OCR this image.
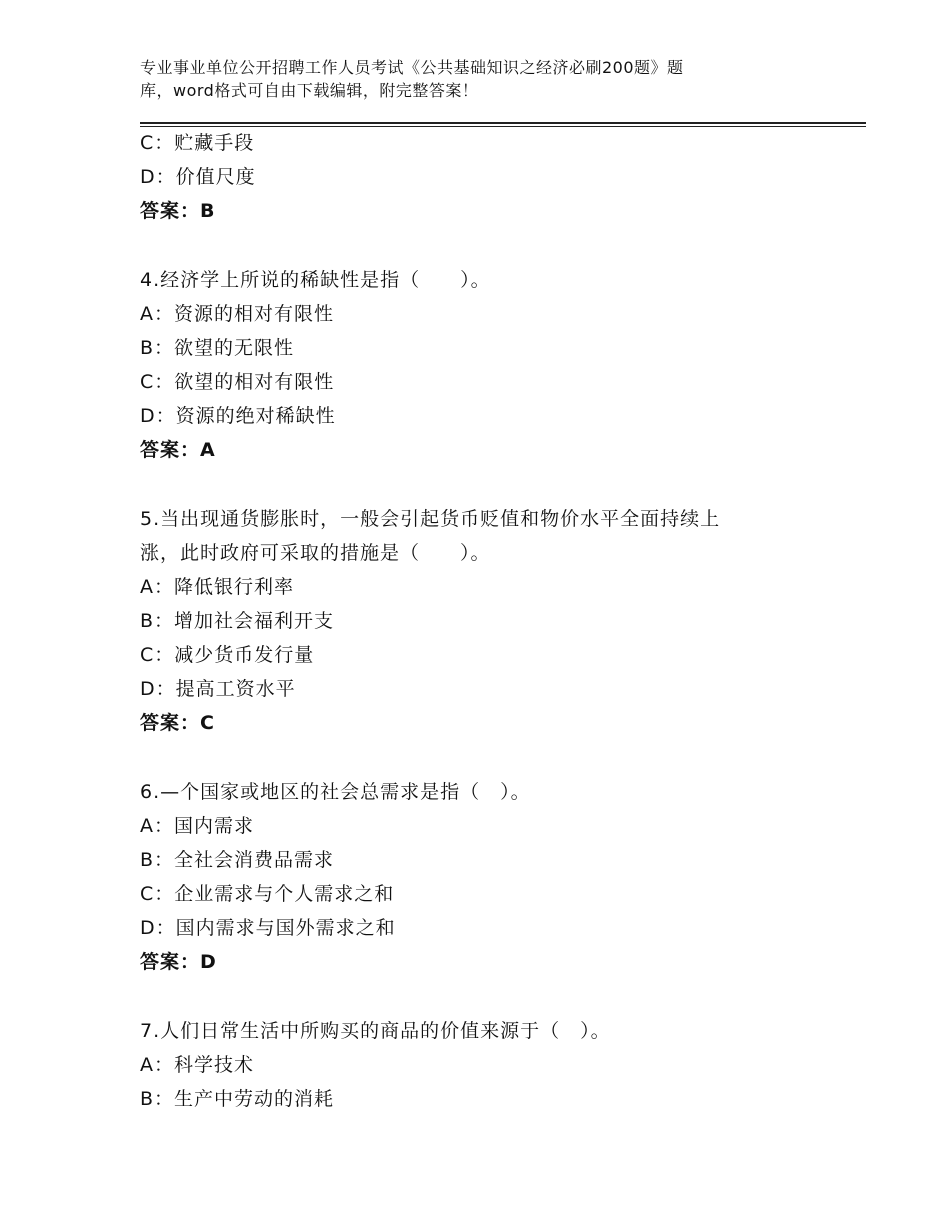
专业事业单位公开招聘工作人员考试《公共基础知识之经济必刷200题》题
库，word格式可自由下载编辑，附完整答案！
C：贮藏手段
D：价值尺度
答案：B
4.经济学上所说的稀缺性是指（　　）。
A：资源的相对有限性
B：欲望的无限性
C：欲望的相对有限性
D：资源的绝对稀缺性
答案：A
5.当出现通货膨胀时，一般会引起货币贬值和物价水平全面持续上
涨，此时政府可采取的措施是（　　）。
A：降低银行利率
B：增加社会福利开支
C：减少货币发行量
D：提高工资水平
答案：C
6.—个国家或地区的社会总需求是指（　）。
A：国内需求
B：全社会消费品需求
C：企业需求与个人需求之和
D：国内需求与国外需求之和
答案：D
7.人们日常生活中所购买的商品的价值来源于（　）。
A：科学技术
B：生产中劳动的消耗
